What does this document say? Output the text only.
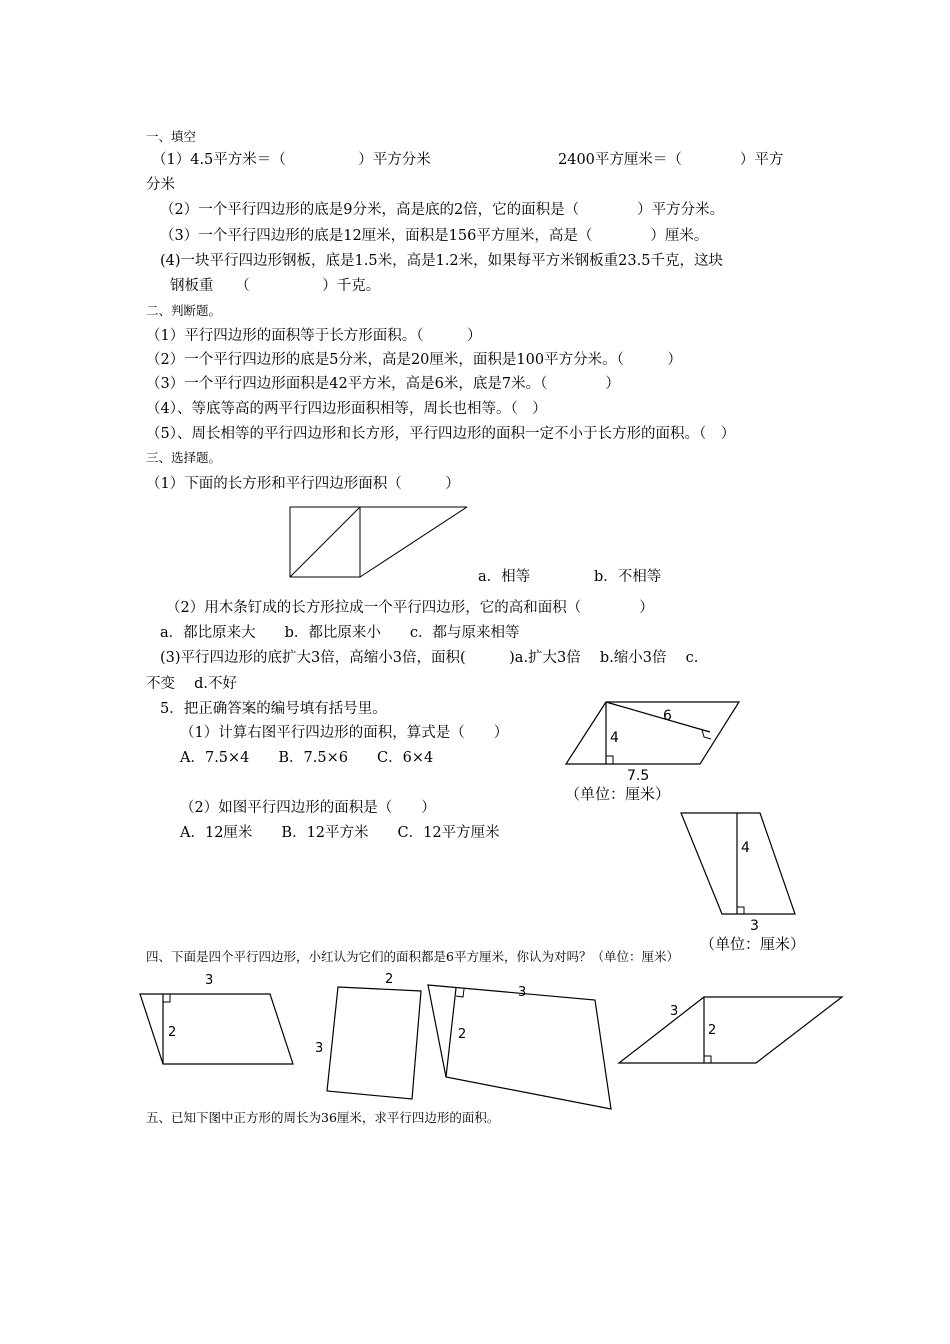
一、填空
（1）4.5平方米＝（　　　　　）平方分米	2400平方厘米＝（　　　　）平方
分米
（2）一个平行四边形的底是9分米，高是底的2倍，它的面积是（　　　　）平方分米。
（3）一个平行四边形的底是12厘米，面积是156平方厘米，高是（　　　　）厘米。
(4)一块平行四边形钢板，底是1.5米，高是1.2米，如果每平方米钢板重23.5千克，这块
钢板重　　（　　　　　）千克。
二、判断题。
（1）平行四边形的面积等于长方形面积。（　　　）
（2）一个平行四边形的底是5分米，高是20厘米，面积是100平方分米。（　　　）
（3）一个平行四边形面积是42平方米，高是6米，底是7米。（　　　　）
（4）、等底等高的两平行四边形面积相等，周长也相等。（　）
（5）、周长相等的平行四边形和长方形，平行四边形的面积一定不小于长方形的面积。（　）
三、选择题。
（1）下面的长方形和平行四边形面积（　　　）
a．相等	b．不相等
（2）用木条钉成的长方形拉成一个平行四边形，它的高和面积（　　　　）
a．都比原来大　　b．都比原来小　　c．都与原来相等
(3)平行四边形的底扩大3倍，高缩小3倍，面积(　　　)a.扩大3倍　 b.缩小3倍　 c.
不变　 d.不好
5．把正确答案的编号填有括号里。
（1）计算右图平行四边形的面积，算式是（　　）
A．7.5×4　　B．7.5×6　　C．6×4
（2）如图平行四边形的面积是（　　）
A．12厘米　　B．12平方米　　C．12平方厘米
6
4
7.5
（单位：厘米）
4
3
（单位：厘米）
四、下面是四个平行四边形，小红认为它们的面积都是6平方厘米，你认为对吗？（单位：厘米）
3
2
2
3
3
2
3
2
五、已知下图中正方形的周长为36厘米，求平行四边形的面积。
